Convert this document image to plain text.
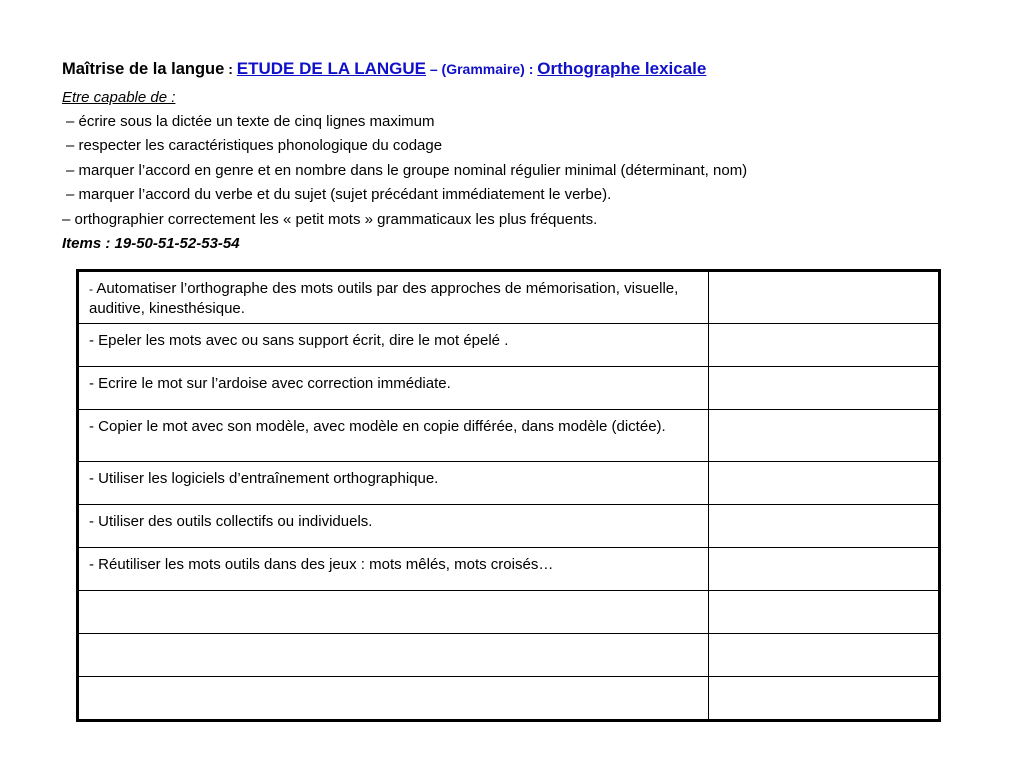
Maîtrise de la langue : ETUDE DE LA LANGUE – (Grammaire) : Orthographe lexicale
Etre capable de :
– écrire sous la dictée un texte de cinq lignes maximum
– respecter les caractéristiques phonologique du codage
– marquer l’accord en genre et en nombre dans le groupe nominal régulier minimal (déterminant, nom)
– marquer l’accord du verbe et du sujet (sujet précédant immédiatement le verbe).
– orthographier correctement les « petit mots » grammaticaux les plus fréquents.
Items : 19-50-51-52-53-54
- Automatiser l’orthographe des mots outils par des approches de mémorisation, visuelle, auditive, kinesthésique.	
- Epeler les mots avec ou sans support écrit, dire le mot épelé .	
- Ecrire le mot sur l’ardoise avec correction immédiate.	
- Copier le mot avec son modèle, avec modèle en copie différée, dans modèle (dictée).	
- Utiliser les logiciels d’entraînement orthographique.	
- Utiliser des outils collectifs ou individuels.	
- Réutiliser les mots outils dans des jeux : mots mêlés, mots croisés…	
